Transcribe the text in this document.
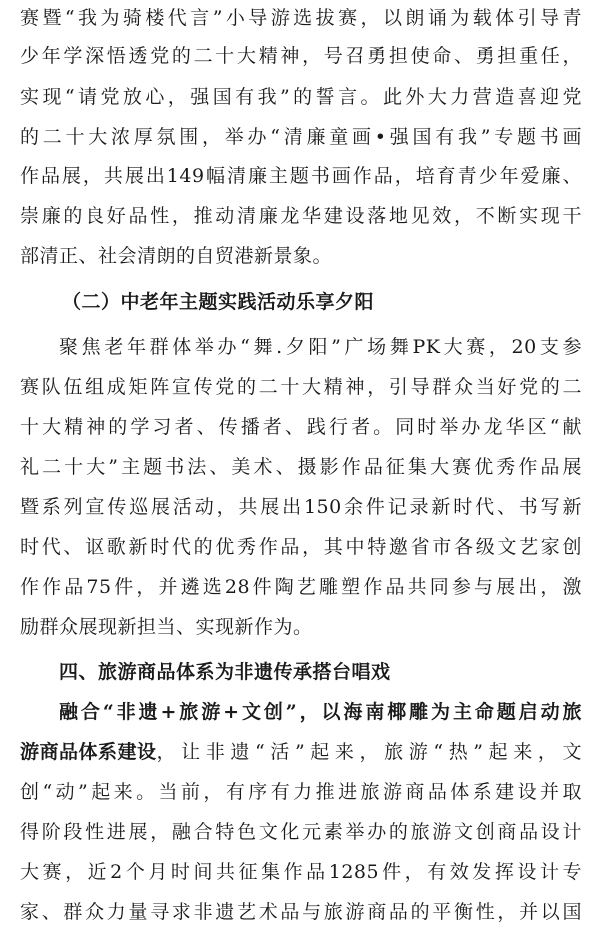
赛暨“我为骑楼代言”小导游选拔赛，以朗诵为载体引导青
少年学深悟透党的二十大精神，号召勇担使命、勇担重任，
实现“请党放心，强国有我”的誓言。此外大力营造喜迎党
的二十大浓厚氛围，举办“清廉童画•强国有我”专题书画
作品展，共展出149幅清廉主题书画作品，培育青少年爱廉、
崇廉的良好品性，推动清廉龙华建设落地见效，不断实现干
部清正、社会清朗的自贸港新景象。
（二）中老年主题实践活动乐享夕阳
聚焦老年群体举办“舞.夕阳”广场舞PK大赛，20支参
赛队伍组成矩阵宣传党的二十大精神，引导群众当好党的二
十大精神的学习者、传播者、践行者。同时举办龙华区“献
礼二十大”主题书法、美术、摄影作品征集大赛优秀作品展
暨系列宣传巡展活动，共展出150余件记录新时代、书写新
时代、讴歌新时代的优秀作品，其中特邀省市各级文艺家创
作作品75件，并遴选28件陶艺雕塑作品共同参与展出，激
励群众展现新担当、实现新作为。
四、旅游商品体系为非遗传承搭台唱戏
融合“非遗+旅游+文创”，以海南椰雕为主命题启动旅
游商品体系建设 ，让非遗“活”起来，旅游“热”起来，文
创“动”起来。当前，有序有力推进旅游商品体系建设并取
得阶段性进展，融合特色文化元素举办的旅游文创商品设计
大赛，近2个月时间共征集作品1285件，有效发挥设计专
家、群众力量寻求非遗艺术品与旅游商品的平衡性，并以国
